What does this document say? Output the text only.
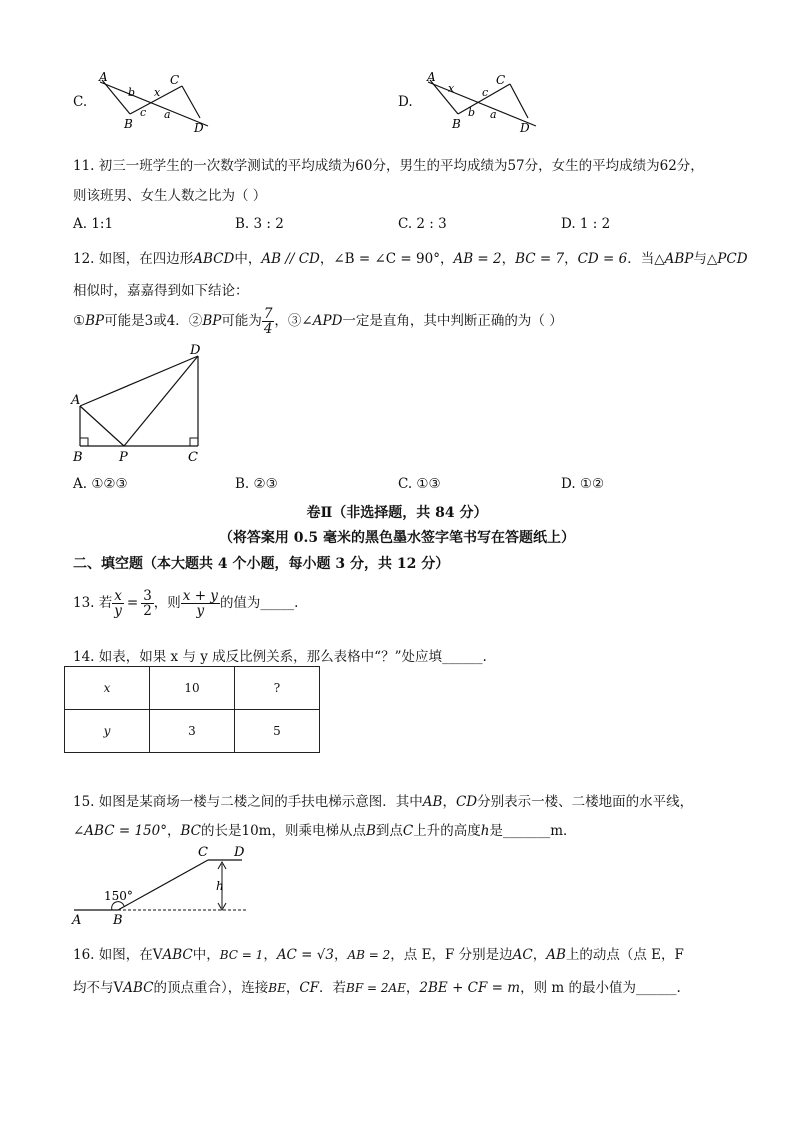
C.
A
B
C
D
b
c
x
a
D.
A
B
C
D
x
b
c
a
11. 初三一班学生的一次数学测试的平均成绩为60分，男生的平均成绩为57分，女生的平均成绩为62分，
则该班男、女生人数之比为（ ）
A. 1:1	B. 3 : 2	C. 2 : 3	D. 1 : 2
12. 如图，在四边形ABCD中，AB // CD，∠B = ∠C = 90°，AB = 2，BC = 7，CD = 6．当△ABP与△PCD
相似时，嘉嘉得到如下结论：
①BP可能是3或4．②BP可能为 $\frac{7}{4}$ ，③∠APD一定是直角，其中判断正确的为（ ）
D
A
B	P	C
A. ①②③	B. ②③	C. ①③	D. ①②
卷Ⅱ（非选择题，共 84 分）
（将答案用 0.5 毫米的黑色墨水签字笔书写在答题纸上）
二、填空题（本大题共 4 个小题，每小题 3 分，共 12 分）
13. 若 $\frac{x}{y} = \frac{3}{2}$ ，则 $\frac{x + y}{y}$ 的值为_____.
14. 如表，如果 x 与 y 成反比例关系，那么表格中“？”处应填______.
x	10	?
y	3	5
15. 如图是某商场一楼与二楼之间的手扶电梯示意图．其中AB，CD分别表示一楼、二楼地面的水平线，
∠ABC = 150°，BC的长是10m，则乘电梯从点B到点C上升的高度h是_______m．
C D
h
150°
A B
16. 如图，在VABC中，BC = 1，AC = √3，AB = 2，点 E，F 分别是边AC，AB上的动点（点 E，F
均不与VABC的顶点重合），连接BE，CF．若BF = 2AE，2BE + CF = m，则 m 的最小值为______.
